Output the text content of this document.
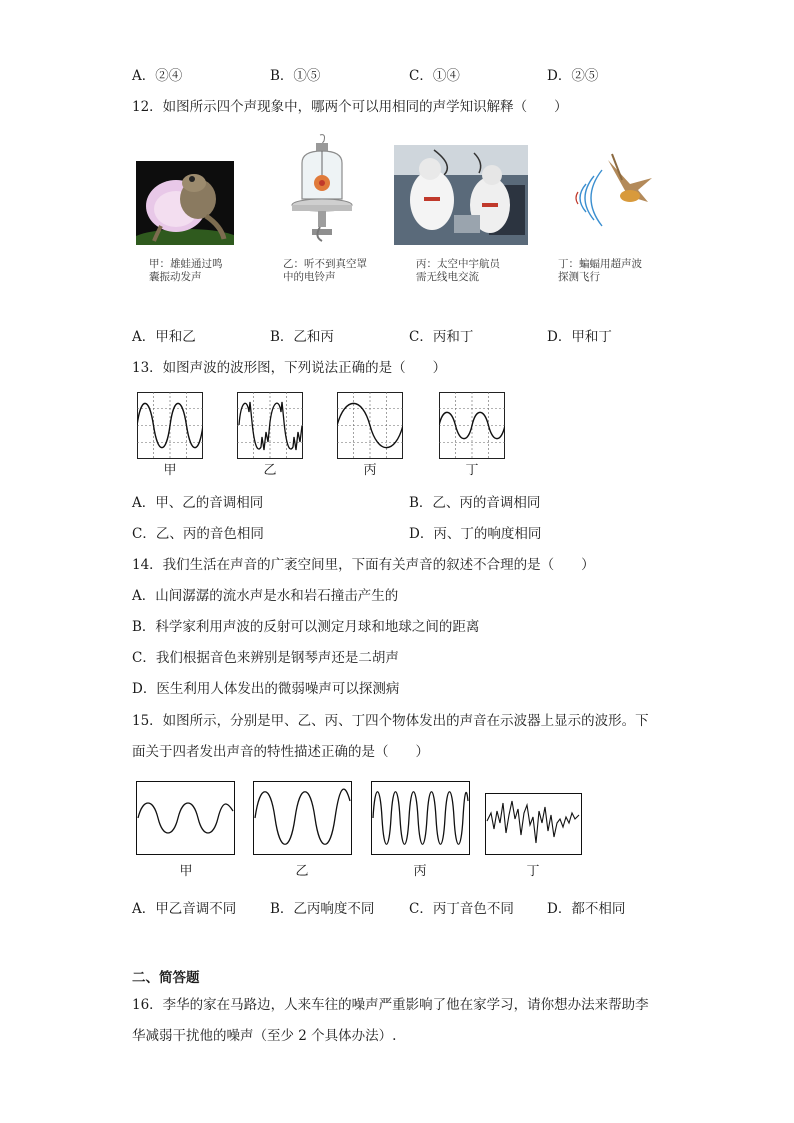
A．②④	B．①⑤	C．①④	D．②⑤
12．如图所示四个声现象中，哪两个可以用相同的声学知识解释（　　）
甲：雄蛙通过鸣
囊振动发声
乙：听不到真空罩
中的电铃声
丙：太空中宇航员
需无线电交流
丁：蝙蝠用超声波
探测飞行
A．甲和乙	B．乙和丙	C．丙和丁	D．甲和丁
13．如图声波的波形图，下列说法正确的是（　　）
甲	乙	丙	丁
A．甲、乙的音调相同	B．乙、丙的音调相同
C．乙、丙的音色相同	D．丙、丁的响度相同
14．我们生活在声音的广袤空间里，下面有关声音的叙述不合理的是（　　）
A．山间潺潺的流水声是水和岩石撞击产生的
B．科学家利用声波的反射可以测定月球和地球之间的距离
C．我们根据音色来辨别是钢琴声还是二胡声
D．医生利用人体发出的微弱噪声可以探测病
15．如图所示，分别是甲、乙、丙、丁四个物体发出的声音在示波器上显示的波形。下
面关于四者发出声音的特性描述正确的是（　　）
甲	乙	丙	丁
A．甲乙音调不同	B．乙丙响度不同	C．丙丁音色不同 D．都不相同
二、简答题
16．李华的家在马路边，人来车往的噪声严重影响了他在家学习，请你想办法来帮助李
华减弱干扰他的噪声（至少 2 个具体办法）.
